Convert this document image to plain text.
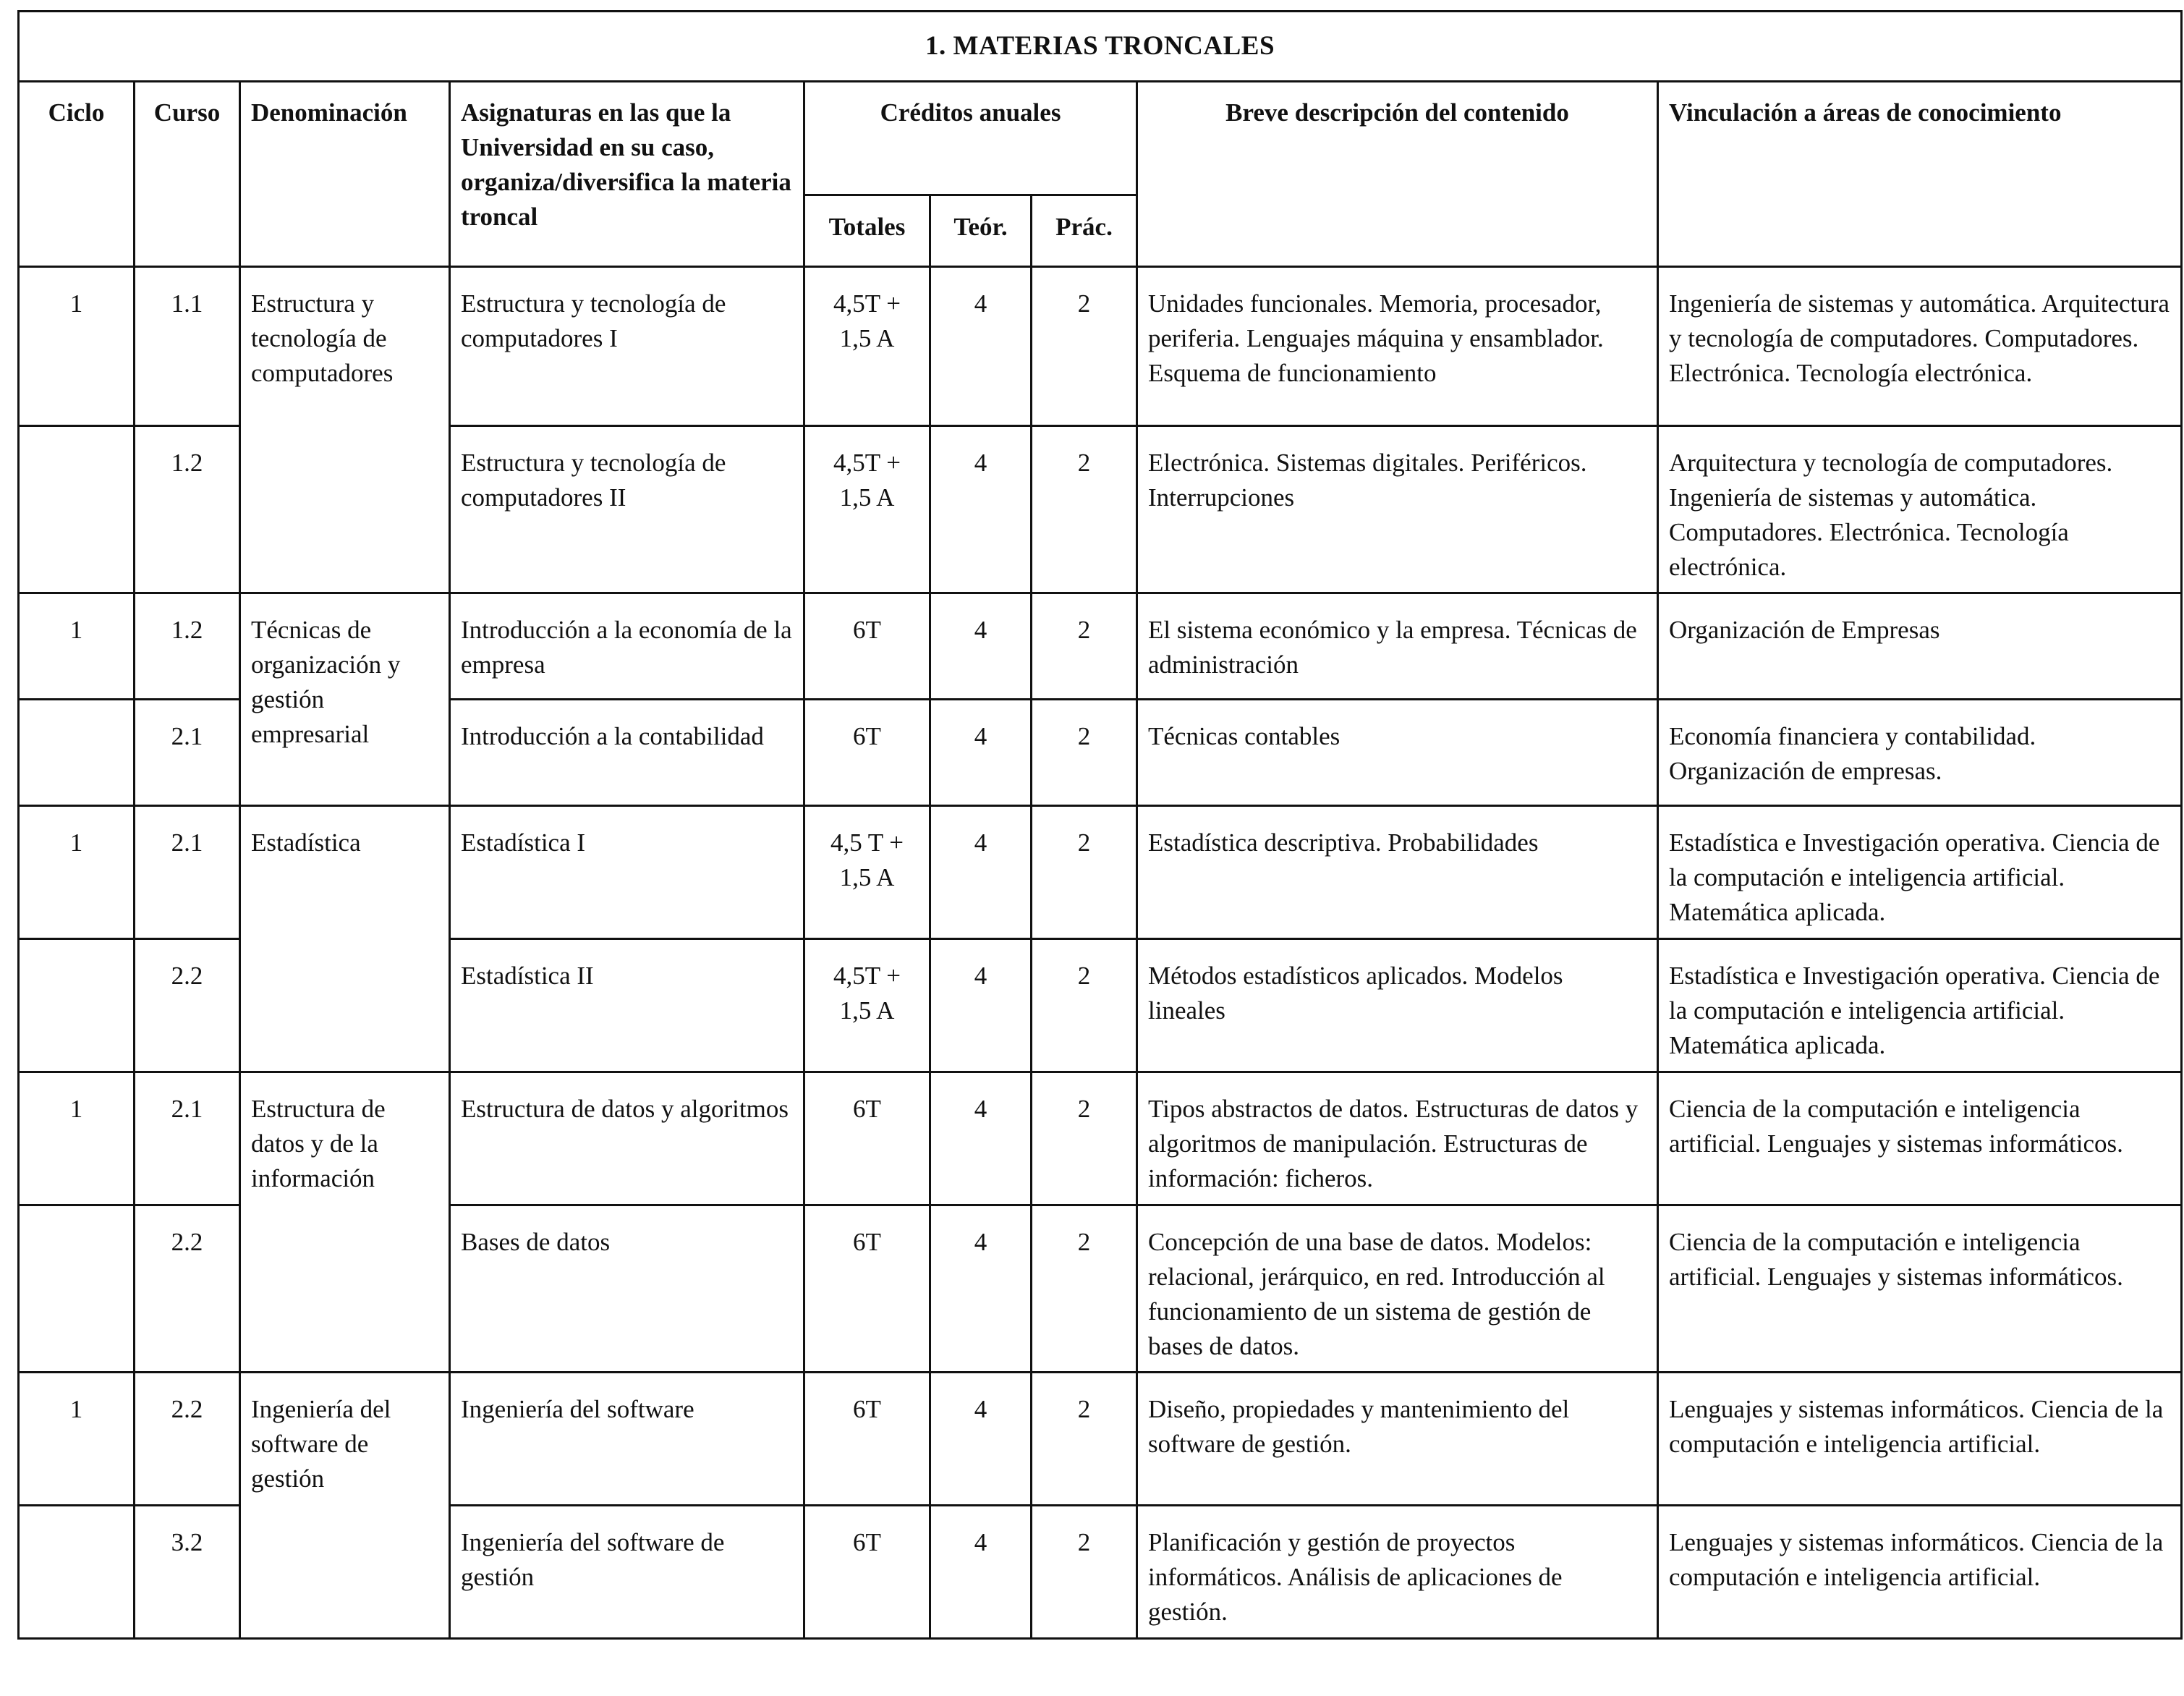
1. MATERIAS TRONCALES								
Ciclo	Curso	Denominación	Asignaturas en las que la Universidad en su caso, organiza/diversifica la materia troncal	Créditos anuales			Breve descripción del contenido	Vinculación a áreas de conocimiento
				Totales	Teór.	Prác.		
1	1.1	Estructura y tecnología de computadores	Estructura y tecnología de computadores I	4,5T + 1,5 A	4	2	Unidades funcionales. Memoria, procesador, periferia. Lenguajes máquina y ensamblador. Esquema de funcionamiento	Ingeniería de sistemas y automática. Arquitectura y tecnología de computadores. Computadores. Electrónica. Tecnología electrónica.
	1.2		Estructura y tecnología de computadores II	4,5T + 1,5 A	4	2	Electrónica. Sistemas digitales. Periféricos. Interrupciones	Arquitectura y tecnología de computadores. Ingeniería de sistemas y automática. Computadores. Electrónica. Tecnología electrónica.
1	1.2	Técnicas de organización y gestión empresarial	Introducción a la economía de la empresa	6T	4	2	El sistema económico y la empresa. Técnicas de administración	Organización de Empresas
	2.1		Introducción a la contabilidad	6T	4	2	Técnicas contables	Economía financiera y contabilidad. Organización de empresas.
1	2.1	Estadística	Estadística I	4,5 T + 1,5 A	4	2	Estadística descriptiva. Probabilidades	Estadística e Investigación operativa. Ciencia de la computación e inteligencia artificial. Matemática aplicada.
	2.2		Estadística II	4,5T + 1,5 A	4	2	Métodos estadísticos aplicados. Modelos lineales	Estadística e Investigación operativa. Ciencia de la computación e inteligencia artificial. Matemática aplicada.
1	2.1	Estructura de datos y de la información	Estructura de datos y algoritmos	6T	4	2	Tipos abstractos de datos. Estructuras de datos y algoritmos de manipulación. Estructuras de información: ficheros.	Ciencia de la computación e inteligencia artificial. Lenguajes y sistemas informáticos.
	2.2		Bases de datos	6T	4	2	Concepción de una base de datos. Modelos: relacional, jerárquico, en red. Introducción al funcionamiento de un sistema de gestión de bases de datos.	Ciencia de la computación e inteligencia artificial. Lenguajes y sistemas informáticos.
1	2.2	Ingeniería del software de gestión	Ingeniería del software	6T	4	2	Diseño, propiedades y mantenimiento del software de gestión.	Lenguajes y sistemas informáticos. Ciencia de la computación e inteligencia artificial.
	3.2		Ingeniería del software de gestión	6T	4	2	Planificación y gestión de proyectos informáticos. Análisis de aplicaciones de gestión.	Lenguajes y sistemas informáticos. Ciencia de la computación e inteligencia artificial.
